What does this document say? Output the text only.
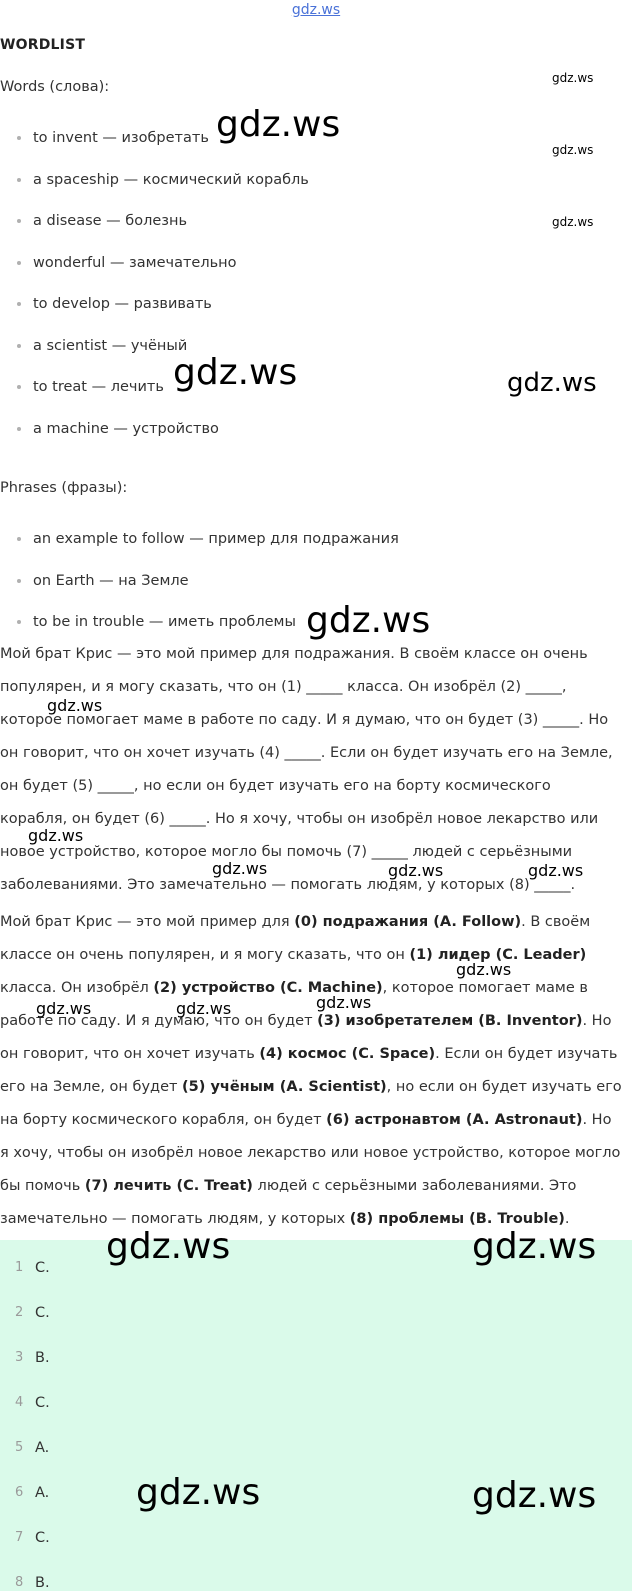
gdz.ws
WORDLIST
Words (слова):
to invent — изобретать
a spaceship — космический корабль
a disease — болезнь
wonderful — замечательно
to develop — развивать
a scientist — учёный
to treat — лечить
a machine — устройство
Phrases (фразы):
an example to follow — пример для подражания
on Earth — на Земле
to be in trouble — иметь проблемы
Мой брат Крис — это мой пример для подражания. В своём классе он очень популярен, и я могу сказать, что он (1) _____ класса. Он изобрёл (2) _____, которое помогает маме в работе по саду. И я думаю, что он будет (3) _____. Но он говорит, что он хочет изучать (4) _____. Если он будет изучать его на Земле, он будет (5) _____, но если он будет изучать его на борту космического корабля, он будет (6) _____. Но я хочу, чтобы он изобрёл новое лекарство или новое устройство, которое могло бы помочь (7) _____ людей с серьёзными заболеваниями. Это замечательно — помогать людям, у которых (8) _____.
Мой брат Крис — это мой пример для (0) подражания (A. Follow). В своём классе он очень популярен, и я могу сказать, что он (1) лидер (C. Leader) класса. Он изобрёл (2) устройство (C. Machine), которое помогает маме в работе по саду. И я думаю, что он будет (3) изобретателем (B. Inventor). Но он говорит, что он хочет изучать (4) космос (C. Space). Если он будет изучать его на Земле, он будет (5) учёным (A. Scientist), но если он будет изучать его на борту космического корабля, он будет (6) астронавтом (A. Astronaut). Но я хочу, чтобы он изобрёл новое лекарство или новое устройство, которое могло бы помочь (7) лечить (C. Treat) людей с серьёзными заболеваниями. Это замечательно — помогать людям, у которых (8) проблемы (B. Trouble).
1 C.
2 C.
3 B.
4 C.
5 A.
6 A.
7 C.
8 B.
gdz.ws
gdz.ws
gdz.ws
gdz.ws
gdz.ws	gdz.ws
gdz.ws
gdz.ws
gdz.ws
gdz.ws	gdz.ws	gdz.ws
gdz.ws
gdz.ws	gdz.ws	gdz.ws
gdz.ws	gdz.ws
gdz.ws	gdz.ws
